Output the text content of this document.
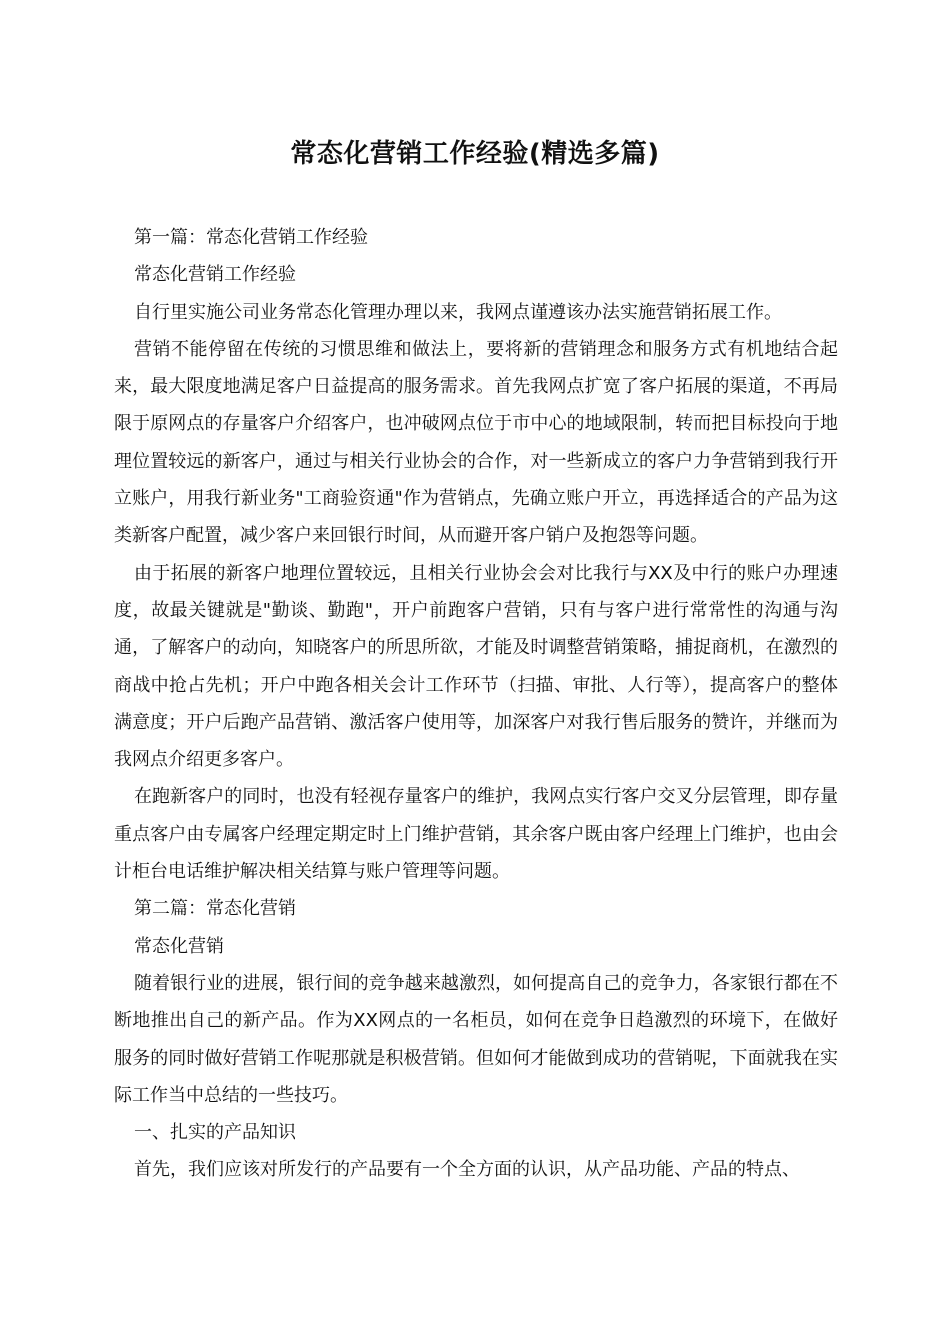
常态化营销工作经验(精选多篇)

第一篇：常态化营销工作经验

常态化营销工作经验

自行里实施公司业务常态化管理办理以来，我网点谨遵该办法实施营销拓展工作。

营销不能停留在传统的习惯思维和做法上，要将新的营销理念和服务方式有机地结合起来，最大限度地满足客户日益提高的服务需求。首先我网点扩宽了客户拓展的渠道，不再局限于原网点的存量客户介绍客户，也冲破网点位于市中心的地域限制，转而把目标投向于地理位置较远的新客户，通过与相关行业协会的合作，对一些新成立的客户力争营销到我行开立账户，用我行新业务"工商验资通"作为营销点，先确立账户开立，再选择适合的产品为这类新客户配置，减少客户来回银行时间，从而避开客户销户及抱怨等问题。

由于拓展的新客户地理位置较远，且相关行业协会会对比我行与XX及中行的账户办理速度，故最关键就是"勤谈、勤跑"，开户前跑客户营销，只有与客户进行常常性的沟通与沟通，了解客户的动向，知晓客户的所思所欲，才能及时调整营销策略，捕捉商机，在激烈的商战中抢占先机；开户中跑各相关会计工作环节（扫描、审批、人行等），提高客户的整体满意度；开户后跑产品营销、激活客户使用等，加深客户对我行售后服务的赞许，并继而为我网点介绍更多客户。

在跑新客户的同时，也没有轻视存量客户的维护，我网点实行客户交叉分层管理，即存量重点客户由专属客户经理定期定时上门维护营销，其余客户既由客户经理上门维护，也由会计柜台电话维护解决相关结算与账户管理等问题。

第二篇：常态化营销

常态化营销

随着银行业的进展，银行间的竞争越来越激烈，如何提高自己的竞争力，各家银行都在不断地推出自己的新产品。作为XX网点的一名柜员，如何在竞争日趋激烈的环境下，在做好服务的同时做好营销工作呢那就是积极营销。但如何才能做到成功的营销呢，下面就我在实际工作当中总结的一些技巧。

一、扎实的产品知识

首先，我们应该对所发行的产品要有一个全方面的认识，从产品功能、产品的特点、
